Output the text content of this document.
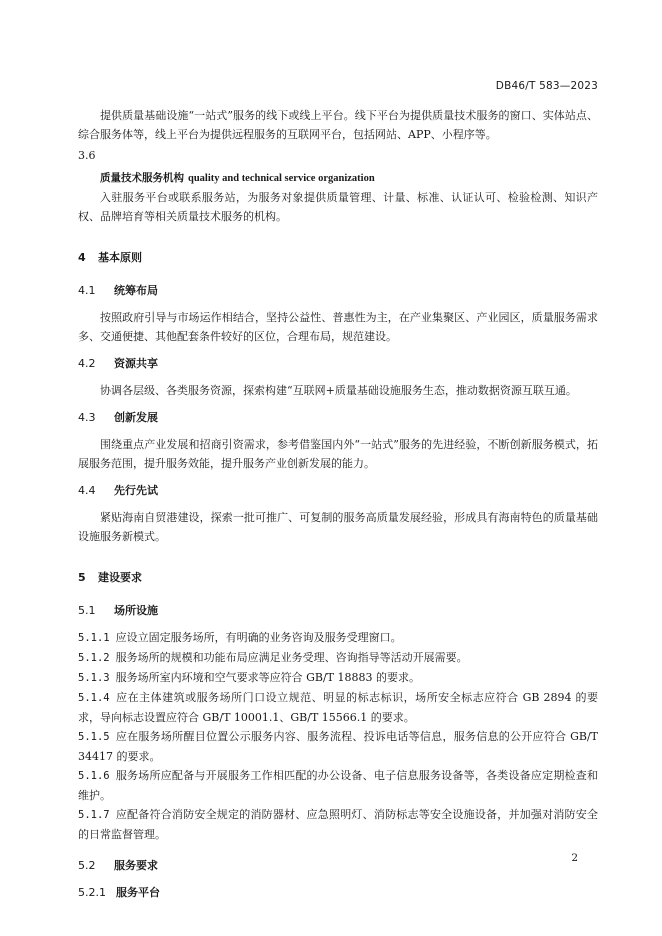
DB46/T 583—2023

提供质量基础设施“一站式”服务的线下或线上平台。线下平台为提供质量技术服务的窗口、实体站点、综合服务体等，线上平台为提供远程服务的互联网平台，包括网站、APP、小程序等。

3.6

质量技术服务机构 quality and technical service organization

入驻服务平台或联系服务站，为服务对象提供质量管理、计量、标准、认证认可、检验检测、知识产权、品牌培育等相关质量技术服务的机构。

4 基本原则

4.1 统筹布局

按照政府引导与市场运作相结合，坚持公益性、普惠性为主，在产业集聚区、产业园区，质量服务需求多、交通便捷、其他配套条件较好的区位，合理布局，规范建设。

4.2 资源共享

协调各层级、各类服务资源，探索构建“互联网+质量基础设施服务生态，推动数据资源互联互通。

4.3 创新发展

围绕重点产业发展和招商引资需求，参考借鉴国内外“一站式”服务的先进经验，不断创新服务模式，拓展服务范围，提升服务效能，提升服务产业创新发展的能力。

4.4 先行先试

紧贴海南自贸港建设，探索一批可推广、可复制的服务高质量发展经验，形成具有海南特色的质量基础设施服务新模式。

5 建设要求

5.1 场所设施

5.1.1 应设立固定服务场所，有明确的业务咨询及服务受理窗口。

5.1.2 服务场所的规模和功能布局应满足业务受理、咨询指导等活动开展需要。

5.1.3 服务场所室内环境和空气要求等应符合 GB/T 18883 的要求。

5.1.4 应在主体建筑或服务场所门口设立规范、明显的标志标识，场所安全标志应符合 GB 2894 的要求，导向标志设置应符合 GB/T 10001.1、GB/T 15566.1 的要求。

5.1.5 应在服务场所醒目位置公示服务内容、服务流程、投诉电话等信息，服务信息的公开应符合 GB/T 34417 的要求。

5.1.6 服务场所应配备与开展服务工作相匹配的办公设备、电子信息服务设备等，各类设备应定期检查和维护。

5.1.7 应配备符合消防安全规定的消防器材、应急照明灯、消防标志等安全设施设备，并加强对消防安全的日常监督管理。

5.2 服务要求

5.2.1 服务平台

2
